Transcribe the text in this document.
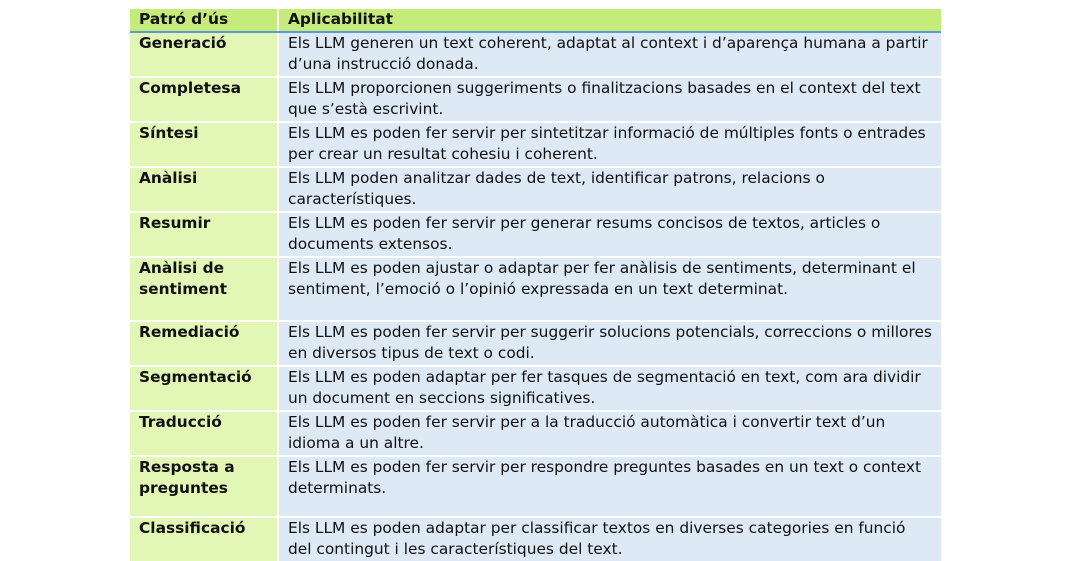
Patró d’ús	Aplicabilitat
Generació	Els LLM generen un text coherent, adaptat al context i d’aparença humana a partir d’una instrucció donada.
Completesa	Els LLM proporcionen suggeriments o finalitzacions basades en el context del text que s’està escrivint.
Síntesi	Els LLM es poden fer servir per sintetitzar informació de múltiples fonts o entrades per crear un resultat cohesiu i coherent.
Anàlisi	Els LLM poden analitzar dades de text, identificar patrons, relacions o característiques.
Resumir	Els LLM es poden fer servir per generar resums concisos de textos, articles o documents extensos.
Anàlisi de sentiment	Els LLM es poden ajustar o adaptar per fer anàlisis de sentiments, determinant el sentiment, l’emoció o l’opinió expressada en un text determinat.
Remediació	Els LLM es poden fer servir per suggerir solucions potencials, correccions o millores en diversos tipus de text o codi.
Segmentació	Els LLM es poden adaptar per fer tasques de segmentació en text, com ara dividir un document en seccions significatives.
Traducció	Els LLM es poden fer servir per a la traducció automàtica i convertir text d’un idioma a un altre.
Resposta a preguntes	Els LLM es poden fer servir per respondre preguntes basades en un text o context determinats.
Classificació	Els LLM es poden adaptar per classificar textos en diverses categories en funció del contingut i les característiques del text.
